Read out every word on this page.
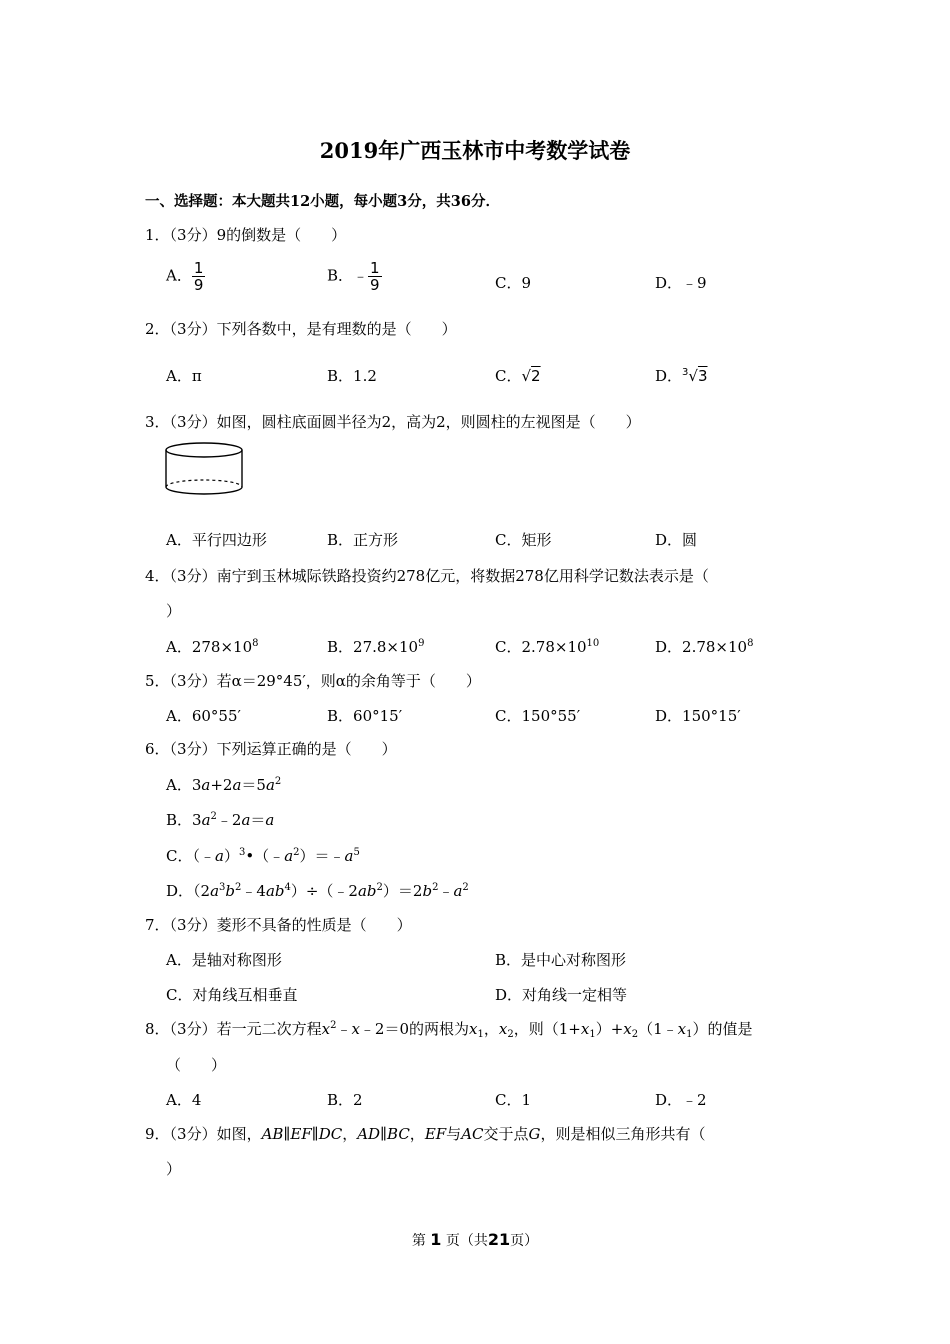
2019年广西玉林市中考数学试卷
一、选择题：本大题共12小题，每小题3分，共36分．
1．（3分）9的倒数是（　　）
A． $\frac{1}{9}$	B．﹣ $\frac{1}{9}$	C．9	D．﹣9
2．（3分）下列各数中，是有理数的是（　　）
A．π	B．1.2	C．√2	D．$^3$√3
3．（3分）如图，圆柱底面圆半径为2，高为2，则圆柱的左视图是（　　）
A．平行四边形	B．正方形	C．矩形	D．圆
4．（3分）南宁到玉林城际铁路投资约278亿元，将数据278亿用科学记数法表示是（
）
A．$278\times 10^8$	B．$27.8\times 10^9$	C．$2.78\times 10^{10}$	D．$2.78\times 10^8$
5．（3分）若α＝29°45′，则α的余角等于（　　）
A．60°55′	B．60°15′	C．150°55′	D．150°15′
6．（3分）下列运算正确的是（　　）
A．$3a+2a=5a^2$
B．$3a^2﹣2a=a$
C．$(﹣a)^3•(﹣a^2)=﹣a^5$
D．$(2a^3b^2﹣4ab^4)\div(﹣2ab^2)=2b^2﹣a^2$
7．（3分）菱形不具备的性质是（　　）
A．是轴对称图形	B．是中心对称图形
C．对角线互相垂直	D．对角线一定相等
8．（3分）若一元二次方程$x^2﹣x﹣2=0$的两根为$x_1$，$x_2$，则$(1+x_1)+x_2(1﹣x_1)$的值是
（　　）
A．4	B．2	C．1	D．﹣2
9．（3分）如图，AB∥EF∥DC，AD∥BC，EF与AC交于点G，则是相似三角形共有（
）
第 1 页（共21页）
